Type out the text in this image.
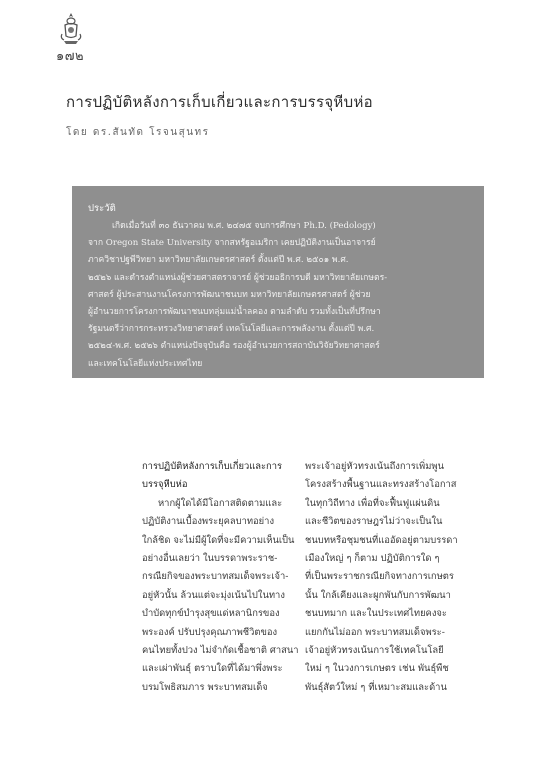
๑๗๒
การปฏิบัติหลังการเก็บเกี่ยวและการบรรจุหีบห่อ
โดย ดร.สันทัด โรจนสุนทร
ประวัติ
เกิดเมื่อวันที่ ๓๐ ธันวาคม พ.ศ. ๒๔๗๕ จบการศึกษา Ph.D. (Pedology)
จาก Oregon State University จากสหรัฐอเมริกา เคยปฏิบัติงานเป็นอาจารย์
ภาควิชาปฐพีวิทยา มหาวิทยาลัยเกษตรศาสตร์ ตั้งแต่ปี พ.ศ. ๒๕๐๑ พ.ศ.
๒๕๒๖ และดำรงตำแหน่งผู้ช่วยศาสตราจารย์ ผู้ช่วยอธิการบดี มหาวิทยาลัยเกษตร-
ศาสตร์ ผู้ประสานงานโครงการพัฒนาชนบท มหาวิทยาลัยเกษตรศาสตร์ ผู้ช่วย
ผู้อำนวยการโครงการพัฒนาชนบทลุ่มแม่น้ำลคอง ตามลำดับ รวมทั้งเป็นที่ปรึกษา
รัฐมนตรีว่าการกระทรวงวิทยาศาสตร์ เทคโนโลยีและการพลังงาน ตั้งแต่ปี พ.ศ.
๒๕๒๔-พ.ศ. ๒๕๒๖ ตำแหน่งปัจจุบันคือ รองผู้อำนวยการสถาบันวิจัยวิทยาศาสตร์
และเทคโนโลยีแห่งประเทศไทย
การปฏิบัติหลังการเก็บเกี่ยวและการ
บรรจุหีบห่อ
หากผู้ใดได้มีโอกาสติดตามและ
ปฏิบัติงานเบื้องพระยุคลบาทอย่าง
ใกล้ชิด จะไม่มีผู้ใดที่จะมีความเห็นเป็น
อย่างอื่นเลยว่า ในบรรดาพระราช-
กรณียกิจของพระบาทสมเด็จพระเจ้า-
อยู่หัวนั้น ล้วนแต่จะมุ่งเน้นไปในทาง
บำบัดทุกข์บำรุงสุขแด่หลานิกรของ
พระองค์ ปรับปรุงคุณภาพชีวิตของ
คนไทยทั้งปวง ไม่จำกัดเชื้อชาติ ศาสนา
และเผ่าพันธุ์ ตราบใดที่ได้มาพึ่งพระ
บรมโพธิสมภาร พระบาทสมเด็จ
พระเจ้าอยู่หัวทรงเน้นถึงการเพิ่มพูน
โครงสร้างพื้นฐานและทรงสร้างโอกาส
ในทุกวิถีทาง เพื่อที่จะฟื้นฟูแผ่นดิน
และชีวิตของราษฎรไม่ว่าจะเป็นใน
ชนบทหรือชุมชนที่แออัดอยู่ตามบรรดา
เมืองใหญ่ ๆ ก็ตาม ปฏิบัติการใด ๆ
ที่เป็นพระราชกรณียกิจทางการเกษตร
นั้น ใกล้เคียงและผูกพันกับการพัฒนา
ชนบทมาก และในประเทศไทยคงจะ
แยกกันไม่ออก พระบาทสมเด็จพระ-
เจ้าอยู่หัวทรงเน้นการใช้เทคโนโลยี
ใหม่ ๆ ในวงการเกษตร เช่น พันธุ์พืช
พันธุ์สัตว์ใหม่ ๆ ที่เหมาะสมและด้าน
